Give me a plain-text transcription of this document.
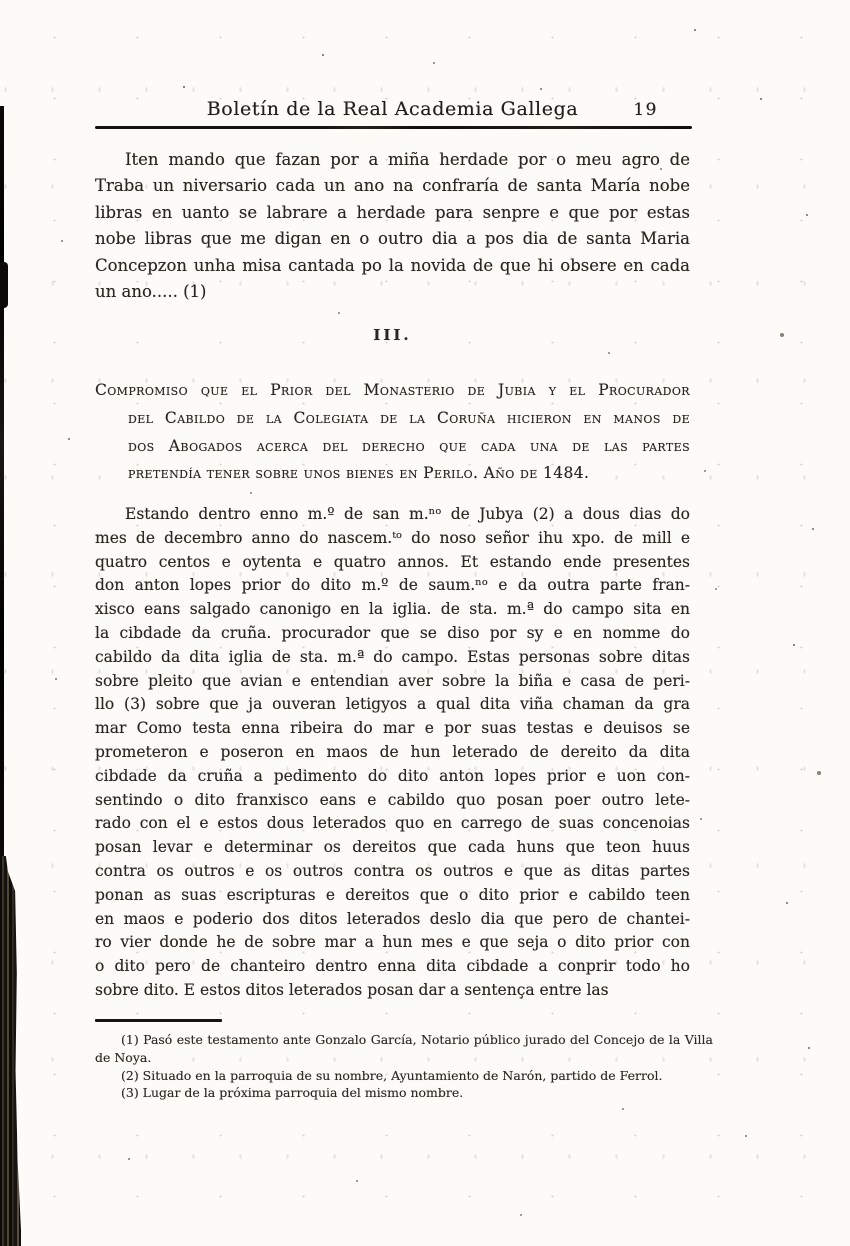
Boletín de la Real Academia Gallega	19
Iten mando que fazan por a miña herdade por o meu agro de
Traba un niversario cada un ano na confraría de santa María nobe
libras en uanto se labrare a herdade para senpre e que por estas
nobe libras que me digan en o outro dia a pos dia de santa Maria
Concepzon unha misa cantada po la novida de que hi obsere en cada
un ano..... (1)
III.
Compromiso que el Prior del Monasterio de Jubia y el Procurador
del Cabildo de la Colegiata de la Coruña hicieron en manos de
dos Abogados acerca del derecho que cada una de las partes
pretendía tener sobre unos bienes en Perilo. Año de 1484.
Estando dentro enno m.º de san m.ⁿᵒ de Jubya (2) a dous dias do
mes de decembro anno do nascem.ᵗᵒ do noso señor ihu xpo. de mill e
quatro centos e oytenta e quatro annos. Et estando ende presentes
don anton lopes prior do dito m.º de saum.ⁿᵒ e da outra parte fran-
xisco eans salgado canonigo en la iglia. de sta. m.ª do campo sita en
la cibdade da cruña. procurador que se diso por sy e en nomme do
cabildo da dita iglia de sta. m.ª do campo. Estas personas sobre ditas
sobre pleito que avian e entendian aver sobre la biña e casa de peri-
llo (3) sobre que ja ouveran letigyos a qual dita viña chaman da gra
mar Como testa enna ribeira do mar e por suas testas e deuisos se
prometeron e poseron en maos de hun leterado de dereito da dita
cibdade da cruña a pedimento do dito anton lopes prior e uon con-
sentindo o dito franxisco eans e cabildo quo posan poer outro lete-
rado con el e estos dous leterados quo en carrego de suas concenoias
posan levar e determinar os dereitos que cada huns que teon huus
contra os outros e os outros contra os outros e que as ditas partes
ponan as suas escripturas e dereitos que o dito prior e cabildo teen
en maos e poderio dos ditos leterados deslo dia que pero de chantei-
ro vier donde he de sobre mar a hun mes e que seja o dito prior con
o dito pero de chanteiro dentro enna dita cibdade a conprir todo ho
sobre dito. E estos ditos leterados posan dar a sentença entre las
(1) Pasó este testamento ante Gonzalo García, Notario público jurado del Concejo de la Villa
de Noya.
(2) Situado en la parroquia de su nombre, Ayuntamiento de Narón, partido de Ferrol.
(3) Lugar de la próxima parroquia del mismo nombre.
